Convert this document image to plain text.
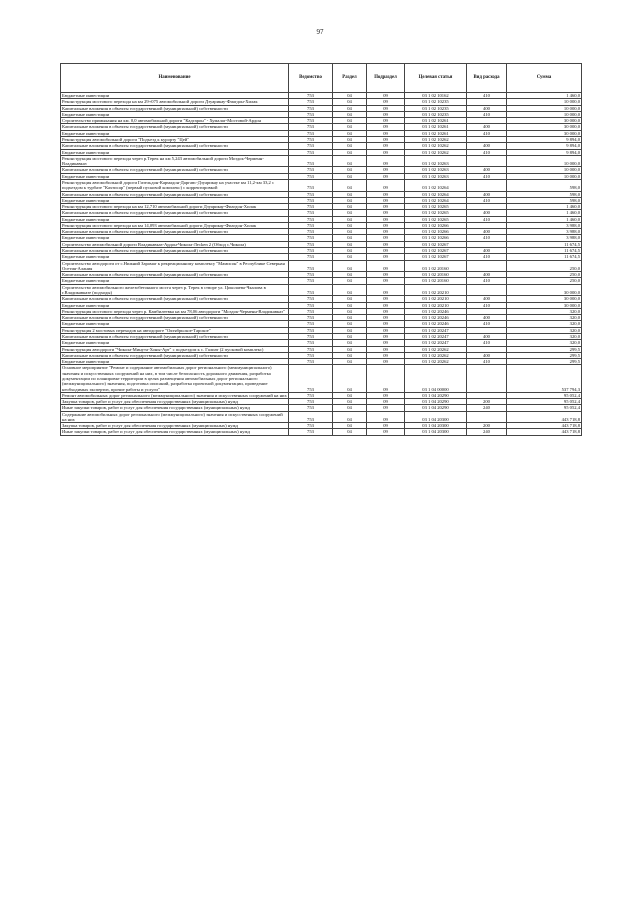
97
Наименование	Ведомство	Раздел	Подраздел	Целевая статья	Вид расхода	Сумма
Бюджетные инвестиции	753	04	09	03 1 02 10162	410	1 460,0
Реконструкция мостового перехода на км 29+075 автомобильной дороги Дзуарикау-Фиагдон-Хилак	753	04	09	03 1 02 10235		10 000,0
Капитальные вложения в объекты государственной (муниципальной) собственности	753	04	09	03 1 02 10235	400	10 000,0
Бюджетные инвестиции	753	04	09	03 1 02 10235	410	10 000,0
Строительство примыкания на км. 0,0 автомобильной дороги "Кадгарон" - Хумалаг-Мостовой-Ардон	753	04	09	03 1 02 10261		30 000,0
Капитальные вложения в объекты государственной (муниципальной) собственности	753	04	09	03 1 02 10261	400	30 000,0
Бюджетные инвестиции	753	04	09	03 1 02 10261	410	30 000,0
Реконструкция автомобильной дороги "Подъезд к курорту "Цей"	753	04	09	03 1 02 10262		9 894,0
Капитальные вложения в объекты государственной (муниципальной) собственности	753	04	09	03 1 02 10262	400	9 894,0
Бюджетные инвестиции	753	04	09	03 1 02 10262	410	9 894,0
Реконструкция мостового перехода через р.Терек на км 5,243 автомобильной дороги Моздок-Черменн-Владикавказ	753	04	09	03 1 02 10263		10 000,0
Капитальные вложения в объекты государственной (муниципальной) собственности	753	04	09	03 1 02 10263	400	10 000,0
Бюджетные инвестиции	753	04	09	03 1 02 10263	410	10 000,0
Реконструкция автомобильной дороги Гизельдон-Кармадон-Даргавс-Дзуарикау на участке км 11,2-км 33,2 с подъездом к турбазе "Кахтисар" (первый пусковой комплекс) с корректировкой	753	04	09	03 1 02 10264		598,0
Капитальные вложения в объекты государственной (муниципальной) собственности	753	04	09	03 1 02 10264	400	598,0
Бюджетные инвестиции	753	04	09	03 1 02 10264	410	598,0
Реконструкция мостового перехода на км 12,710 автомобильной дороги Дзуарикау-Фиагдон-Хилак	753	04	09	03 1 02 10265		1 460,0
Капитальные вложения в объекты государственной (муниципальной) собственности	753	04	09	03 1 02 10265	400	1 460,0
Бюджетные инвестиции	753	04	09	03 1 02 10265	410	1 460,0
Реконструкция мостового перехода на км 14,093 автомобильной дороги Дзуарикау-Фиагдон-Хилак	753	04	09	03 1 02 10266		3 988,0
Капитальные вложения в объекты государственной (муниципальной) собственности	753	04	09	03 1 02 10266	400	3 988,0
Бюджетные инвестиции	753	04	09	03 1 02 10266	410	3 988,0
Строительство автомобильной дороги Владикавказ-Ардон-Чикола-Лесken 2 (Обход с.Чикола)	753	04	09	03 1 02 10267		11 674,5
Капитальные вложения в объекты государственной (муниципальной) собственности	753	04	09	03 1 02 10267	400	11 674,5
Бюджетные инвестиции	753	04	09	03 1 02 10267	410	11 674,5
Строительство автодороги от с.Нижний Зарамаг к рекреационному комплексу "Мамисон" в Республике Северная Осетия-Алания	753	04	09	03 1 02 20160		250,0
Капитальные вложения в объекты государственной (муниципальной) собственности	753	04	09	03 1 02 20160	400	250,0
Бюджетные инвестиции	753	04	09	03 1 02 20160	410	250,0
Строительство автомобильного железобетонного моста через р. Терек в створе ул. Цоколаева-Чкалова в г.Владикавказе (подходы)	753	04	09	03 1 02 20210		30 000,0
Капитальные вложения в объекты государственной (муниципальной) собственности	753	04	09	03 1 02 20210	400	30 000,0
Бюджетные инвестиции	753	04	09	03 1 02 20210	410	30 000,0
Реконструкция мостового перехода через р. Камбилеевка на км 78,06 автодороги "Моздок-Черменн-Владикавказ"	753	04	09	03 1 02 20246		320,0
Капитальные вложения в объекты государственной (муниципальной) собственности	753	04	09	03 1 02 20246	400	320,0
Бюджетные инвестиции	753	04	09	03 1 02 20246	410	320,0
Реконструкция 2 мостовых переходов на автодороге "Октябрьское-Тарское"	753	04	09	03 1 02 20247		320,0
Капитальные вложения в объекты государственной (муниципальной) собственности	753	04	09	03 1 02 20247	400	320,0
Бюджетные инвестиции	753	04	09	03 1 02 20247	410	320,0
Реконструкция автодороги "Чикола-Минута-Хоны-Арт" с подъездом к с. Галиат (2 пусковой комплекс)	753	04	09	03 1 02 20262		299,5
Капитальные вложения в объекты государственной (муниципальной) собственности	753	04	09	03 1 02 20262	400	299,5
Бюджетные инвестиции	753	04	09	03 1 02 20262	410	299,5
Основное мероприятие "Ремонт и содержание автомобильных дорог регионального (межмуниципального) значения и искусственных сооружений на них, в том числе безопасность дорожного движения, разработка документации по планировке территории в целях размещения автомобильных дорог регионального (межмуниципального) значения, подготовка описаний, разработка проектной документации, проведение необходимых экспертиз, прочие работы и услуги"	753	04	09	03 1 04 00000		537 794,3
Ремонт автомобильных дорог регионального (межмуниципального) значения и искусственных сооружений на них	753	04	09	03 1 04 20290		95 052,4
Закупка товаров, работ и услуг для обеспечения государственных (муниципальных) нужд	753	04	09	03 1 04 20290	200	95 052,4
Иные закупки товаров, работ и услуг для обеспечения государственных (муниципальных) нужд	753	04	09	03 1 04 20290	240	95 052,4
Содержание автомобильных дорог регионального (межмуниципального) значения и искусственных сооружений на них	753	04	09	03 1 04 20300		443 718,8
Закупка товаров, работ и услуг для обеспечения государственных (муниципальных) нужд	753	04	09	03 1 04 20300	200	443 718,8
Иные закупки товаров, работ и услуг для обеспечения государственных (муниципальных) нужд	753	04	09	03 1 04 20300	240	443 718,8
